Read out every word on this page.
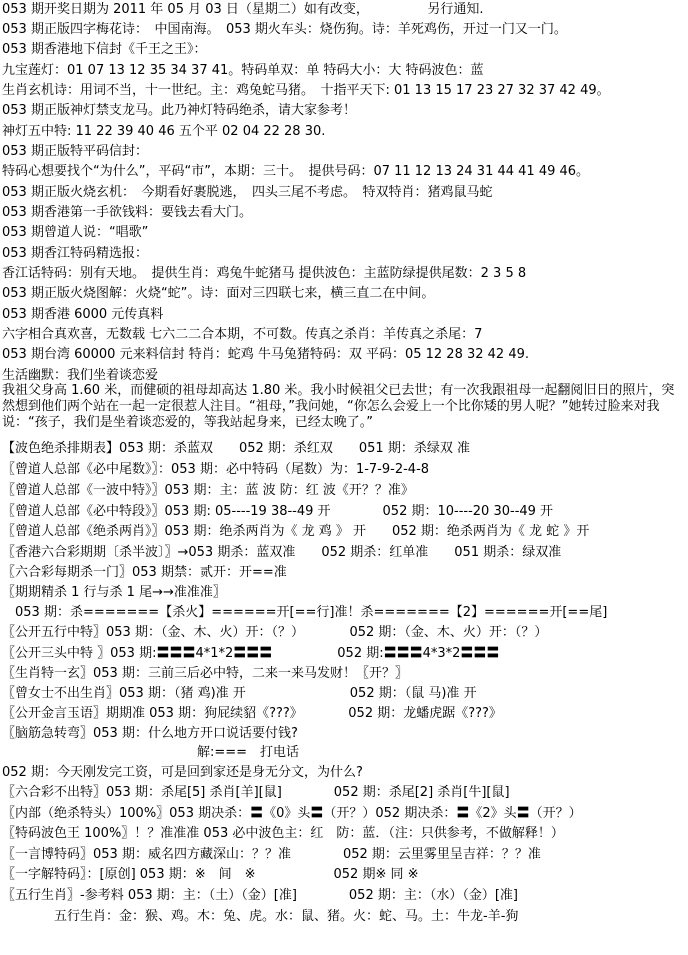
053 期开奖日期为 2011 年 05 月 03 日（星期二）如有改变，　　　　　另行通知.
053 期正版四字梅花诗：　中国南海。　053 期火车头：烧伤狗。诗：羊死鸡伤，开过一门又一门。
053 期香港地下信封《千王之王》：
九宝莲灯：01 07 13 12 35 34 37 41。特码单双：单 特码大小：大 特码波色：蓝
生肖玄机诗：用词不当，十一世纪。主：鸡兔蛇马猪。　十指平天下: 01 13 15 17 23 27 32 37 42 49。
053 期正版神灯禁支龙马。此乃神灯特码绝杀，请大家参考！
神灯五中特: 11 22 39 40 46 五个平 02 04 22 28 30.
053 期正版特平码信封：
特码心想要找个“为什么”，平码“市”，本期：三十。　提供号码：07 11 12 13 24 31 44 41 49 46。
053 期正版火烧玄机：　今期看好裹脱逃，　四头三尾不考虑。　特双特肖：猪鸡鼠马蛇
053 期香港第一手欲钱料：要钱去看大门。
053 期曾道人说：“唱歌”
053 期香江特码精选报：
香江话特码：别有天地。　提供生肖：鸡兔牛蛇猪马 提供波色：主蓝防绿提供尾数：2 3 5 8
053 期正版火烧图解：火烧“蛇”。诗：面对三四联七来，横三直二在中间。
053 期香港 6000 元传真料
六字相合真欢喜，无数载 七六二二合本期，不可数。传真之杀肖：羊传真之杀尾：7
053 期台湾 60000 元来料信封 特肖：蛇鸡 牛马兔猪特码：双 平码：05 12 28 32 42 49.
生活幽默：我们坐着谈恋爱
我祖父身高 1.60 米，而健硕的祖母却高达 1.80 米。我小时候祖父已去世；有一次我跟祖母一起翻阅旧日的照片，突然想到他们两个站在一起一定很惹人注目。“祖母，”我问她，“你怎么会爱上一个比你矮的男人呢？”她转过脸来对我说：“孩子，我们是坐着谈恋爱的，等我站起身来，已经太晚了。”
【波色绝杀排期表】053 期：杀蓝双　　052 期：杀红双　　051 期：杀绿双 准
〖曾道人总部《必中尾数》〗：053 期：必中特码（尾数）为：1-7-9-2-4-8
〖曾道人总部《一波中特》〗053 期：主：蓝 波 防：红 波《开？？准》
〖曾道人总部《必中特段》〗053 期: 05----19 38--49 开　　　　052 期：10----20 30--49 开
〖曾道人总部《绝杀两肖》〗053 期：绝杀两肖为《 龙 鸡 》 开　　052 期：绝杀两肖为《 龙 蛇 》开
〖香港六合彩期期〔杀半波〕〗→053 期杀：蓝双准　　052 期杀：红单准　　051 期杀：绿双准
〖六合彩每期杀一门〗053 期禁：贰开：开==准
〖期期精杀 1 行与杀 1 尾→→准准准〗
　053 期：杀=======【杀火】======开[==行]准！杀=======【2】======开[==尾]
〖公开五行中特〗053 期：（金、木、火）开：（？）　　　　052 期：（金、木、火）开：（？）
〖公开三头中特 〗053 期:〓〓〓4*1*2〓〓〓　　　　　052 期:〓〓〓4*3*2〓〓〓
〖生肖特一玄〗053 期：三前三后必中特，二来一来马发财！〖开？〗
〖曾女士不出生肖〗053 期：（猪 鸡)准 开　　　　　　　　052 期：（鼠 马)准 开
〖公开金言玉语〗期期准 053 期：狗屁续貂《???》　　　　052 期：龙蟠虎踞《???》
〖脑筋急转弯〗053 期：什么地方开口说话要付钱?
　　　　　　　　　　　　　　　解:===　打电话
052 期：今天刚发完工资，可是回到家还是身无分文，为什么?
〖六合彩不出特〗053 期：杀尾[5] 杀肖[羊][鼠]　　　　052 期：杀尾[2] 杀肖[牛][鼠]
〖内部（绝杀特头）100%〗053 期决杀：〓《0》头〓（开？）052 期决杀：〓《2》头〓（开？）
〖特码波色王 100%〗！？准准准 053 必中波色主：红　防：蓝．（注：只供参考，不做解释！）
〖一言博特码〗053 期：威名四方藏深山：？？准　　　　052 期：云里雾里呈吉祥：？？准
〖一字解特码〗：[原创] 053 期：※　间　※　　　　　　052 期※ 同 ※
〖五行生肖〗-参考料 053 期：主：（土）（金）[准]　　　　052 期：主：（水）（金）[准]
　　　　五行生肖：金：猴、鸡。木：兔、虎。水：鼠、猪。火：蛇、马。土：牛龙-羊-狗
